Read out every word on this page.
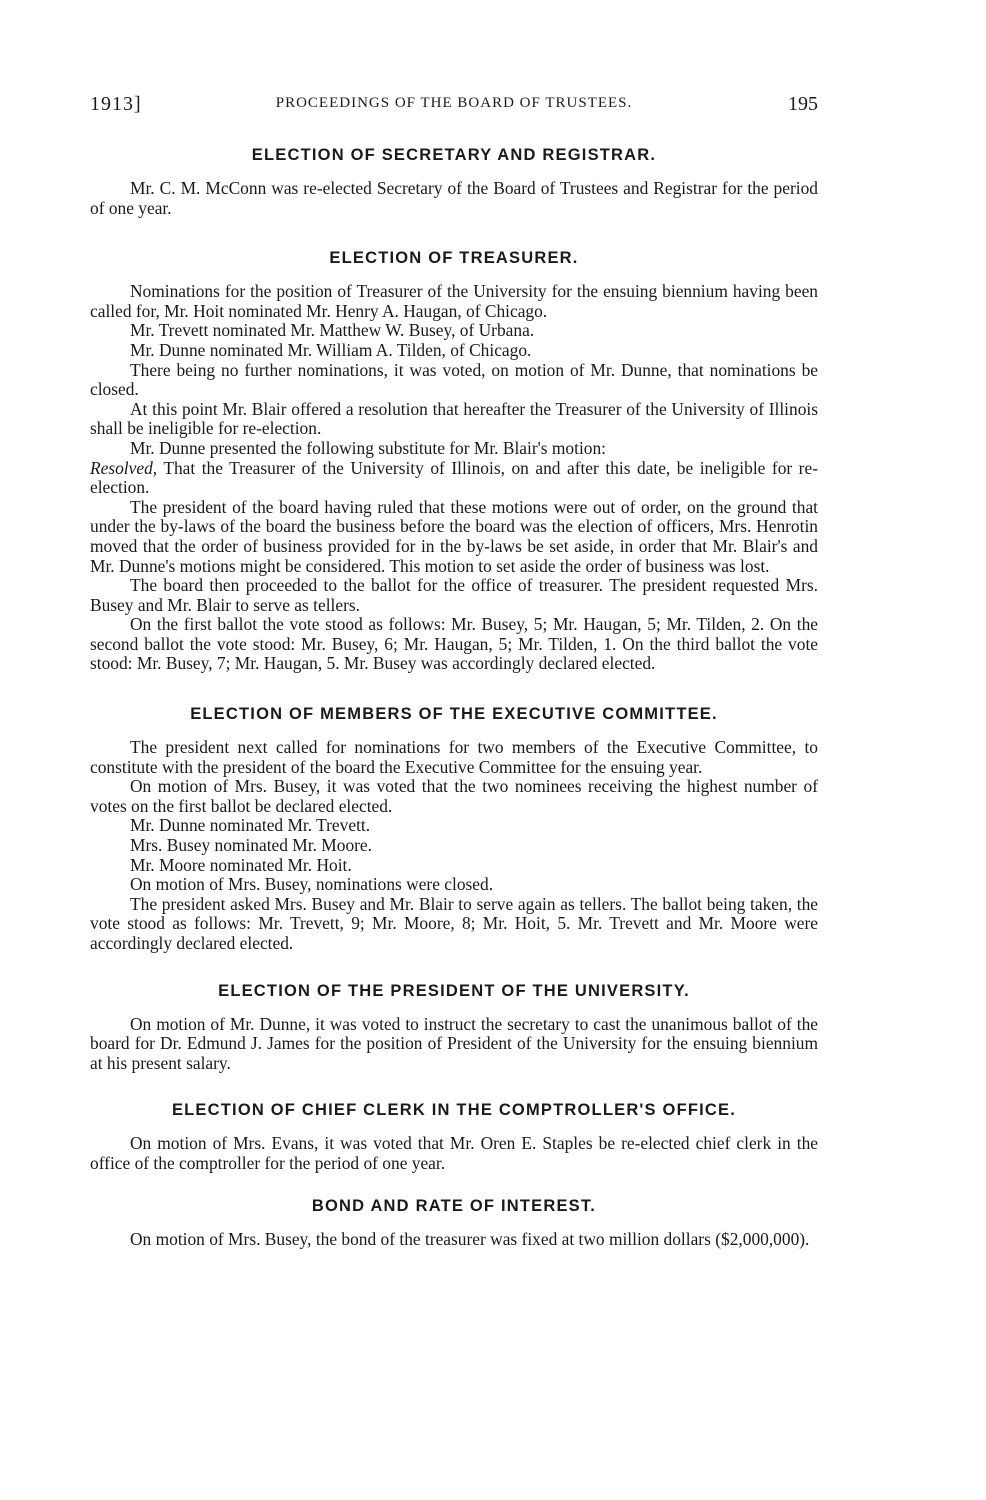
1913]	PROCEEDINGS OF THE BOARD OF TRUSTEES.	195
ELECTION OF SECRETARY AND REGISTRAR.

Mr. C. M. McConn was re-elected Secretary of the Board of Trustees and Registrar for the period of one year.

ELECTION OF TREASURER.

Nominations for the position of Treasurer of the University for the ensuing biennium having been called for, Mr. Hoit nominated Mr. Henry A. Haugan, of Chicago.

Mr. Trevett nominated Mr. Matthew W. Busey, of Urbana.

Mr. Dunne nominated Mr. William A. Tilden, of Chicago.

There being no further nominations, it was voted, on motion of Mr. Dunne, that nominations be closed.

At this point Mr. Blair offered a resolution that hereafter the Treasurer of the University of Illinois shall be ineligible for re-election.

Mr. Dunne presented the following substitute for Mr. Blair's motion:

Resolved, That the Treasurer of the University of Illinois, on and after this date, be ineligible for re-election.

The president of the board having ruled that these motions were out of order, on the ground that under the by-laws of the board the business before the board was the election of officers, Mrs. Henrotin moved that the order of business provided for in the by-laws be set aside, in order that Mr. Blair's and Mr. Dunne's motions might be considered. This motion to set aside the order of business was lost.

The board then proceeded to the ballot for the office of treasurer. The president requested Mrs. Busey and Mr. Blair to serve as tellers.

On the first ballot the vote stood as follows: Mr. Busey, 5; Mr. Haugan, 5; Mr. Tilden, 2. On the second ballot the vote stood: Mr. Busey, 6; Mr. Haugan, 5; Mr. Tilden, 1. On the third ballot the vote stood: Mr. Busey, 7; Mr. Haugan, 5. Mr. Busey was accordingly declared elected.

ELECTION OF MEMBERS OF THE EXECUTIVE COMMITTEE.

The president next called for nominations for two members of the Executive Committee, to constitute with the president of the board the Executive Committee for the ensuing year.

On motion of Mrs. Busey, it was voted that the two nominees receiving the highest number of votes on the first ballot be declared elected.

Mr. Dunne nominated Mr. Trevett.

Mrs. Busey nominated Mr. Moore.

Mr. Moore nominated Mr. Hoit.

On motion of Mrs. Busey, nominations were closed.

The president asked Mrs. Busey and Mr. Blair to serve again as tellers. The ballot being taken, the vote stood as follows: Mr. Trevett, 9; Mr. Moore, 8; Mr. Hoit, 5. Mr. Trevett and Mr. Moore were accordingly declared elected.

ELECTION OF THE PRESIDENT OF THE UNIVERSITY.

On motion of Mr. Dunne, it was voted to instruct the secretary to cast the unanimous ballot of the board for Dr. Edmund J. James for the position of President of the University for the ensuing biennium at his present salary.

ELECTION OF CHIEF CLERK IN THE COMPTROLLER'S OFFICE.

On motion of Mrs. Evans, it was voted that Mr. Oren E. Staples be re-elected chief clerk in the office of the comptroller for the period of one year.

BOND AND RATE OF INTEREST.

On motion of Mrs. Busey, the bond of the treasurer was fixed at two million dollars ($2,000,000).
